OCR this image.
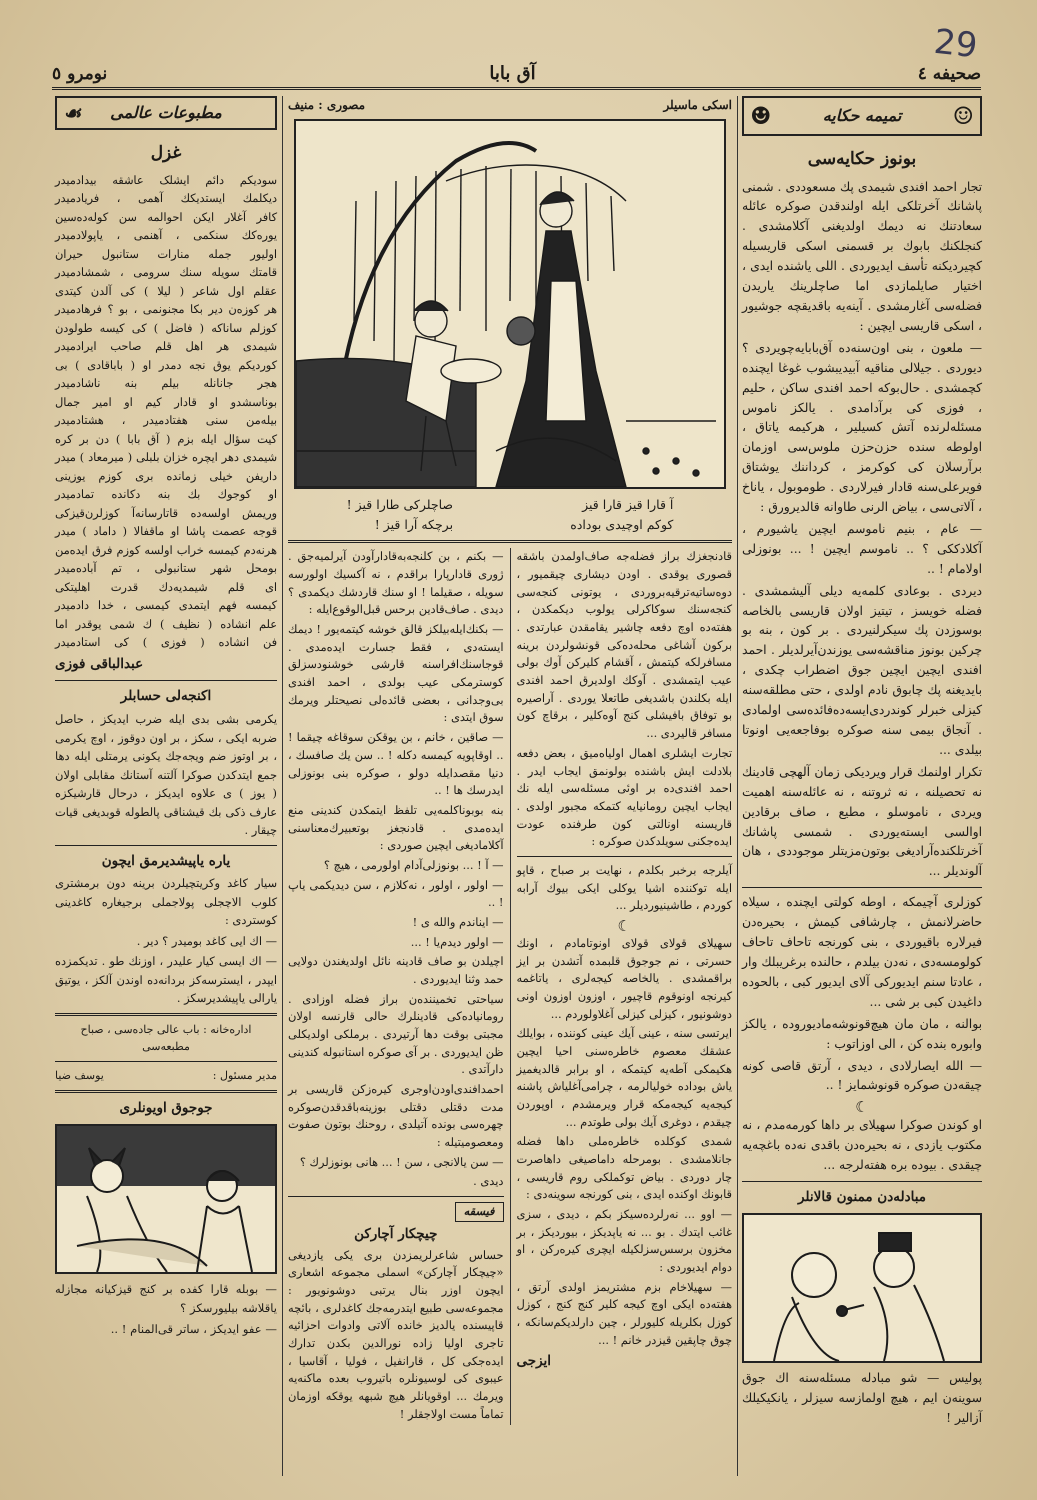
29
صحیفه ٤
آق بابا
نومرو ٥
☺
تمیمه حکایه
☻
بونوز حکایه‌سی

تجار احمد افندی شیمدی پك مسعوددی . شمنی پاشانك آخرتلکی ایله اولندقدن صوکره عائله سعادتنك نه دیمك اولدیغنی آکلامشدی . کنجلکنك بابوك بر قسمنی اسکی قاریسیله کچیردیکنه تأسف ایدیوردی . اللی یاشنده ایدی ، اختیار صایلمازدی اما صاچلرینك یاریدن فضله‌سی آغارمشدی . آینه‌یه باقدیقچه جوشیور ، اسکی قاریسی ایچین :

— ملعون ، بنی اون‌سنه‌ده آق‌بابایه‌چویردی ؟ دیوردی . جیلالی مناقیه آبیدیبشوب غوغا ایچنده کچمشدی . حال‌بوکه احمد افندی ساکن ، حلیم ، فوزی کی برآدامدی . یالکز ناموس مسئله‌لرنده آتش کسیلیر ، هرکیمه یاتاق ، اولوطه سنده حزن‌حزن ملوس‌سی اوزمان برآرسلان کی کوکرمز ، کرداننك یوشتاق فویرعلی‌سنه قادار فیرلاردی . طوموبول ، یاناخ ، آلاتی‌سی ، بیاض الرنی طاوانه قالدیرورق :

— عام ، بنیم ناموسم ایچین یاشیورم ، آکلادککی ؟ .. ناموسم ایچین ! ... بونوزلی اولامام ! ..

دیردی . بوعادی کلمه‌یه دیلی آلیشمشدی . فضله‌ خویسز ، تیتیز اولان قاریسی بالخاصه بوسوزدن پك سیکرلنیردی . بر کون ، بنه بو چرکین بونوز مناقشه‌سی یوزندن‌آیرلدیلر . احمد افندی ایچین ایچین جوق اضطراب چکدی ، بایدیغنه پك چابوق نادم اولدی ، حتی مطلقه‌سنه کیزلی خبرلر کوندردی‌ایسه‌ده‌فائده‌سی اولمادی . آنجاق بیمی سنه صوکره بوفاجعه‌یی اونوتا بیلدی ...

تکرار اولنمك قرار ویردیکی زمان آلهچی قادینك نه تحصیلنه ، نه ثروتنه ، نه عائله‌سنه اهمیت ویردی ، ناموسلو ، مطیع ، صاف برقادین اوالسی ایسته‌یوردی . شمسی پاشانك آخرتلکنده‌آرادیغی بوتون‌مزیتلر موجوددی ، هان آلوندیلر ...

کوزلری آچیمکه ، اوطه کولتی ایچنده ، سیلاه حاضرلانمش ، چارشافی کیمش ، بحیره‌دن فیرلاره باقیوردی ، بنی کورنجه تاحاف تاحاف کولومسه‌دی ، نه‌دن بیلدم ، حالنده برغریبلك وار ، عادتا سنم ایدیورکی آلای ایدیور کبی ، بالحوده داغیدن کبی بر شی ...

بوالنه ، مان مان هیچ‌قونوشه‌مادیوروده ، یالکز وابوره بنده کن ، الی اوزاتوب :

— الله ایصارلادی ، دیدی ، آرتق قاصی کونه چیقه‌دن صوکره قونوشمایز ! ..

☾

او کوندن صوکرا سهیلای بر داها کورمه‌مدم ، نه مکتوب یازدی ، نه بحیره‌دن باقدی‌ نه‌ده باغچه‌یه چیقدی . بیوده بره هفته‌لرجه ...

مبادله‌دن ممنون قالانلر

پولیس — شو مبادله مسئله‌سنه اك جوق سوینه‌ن ایم ، هیچ اولمازسه سیزلر ، یانکیکیلك آزالیر !

اسکی ماسیلر
مصوری : منیف
آ قارا قیز قارا قیز
کوکم اوچیدی بوداده
صاچلرکی طارا قیز !
برچکه آرا قیز !

قادنجغزك براز فضله‌جه صاف‌اولمدن باشقه قصوری یوقدی . اودن دیشاری چیقمیور ، دوه‌ساتیه‌ترقیه‌بروردی ، یوتونی کنجه‌سی کنجه‌سنك سوکاکرلی یولوب دیکمکدن ، هفته‌ده اوچ دفعه چاشیر یقامقدن عبارتدی . برکون آشاغی محله‌ده‌کی قونشولردن برینه مسافرلکه کیتمش ، آقشام کلیرکن آوك بولی عیب ایتمشدی . آوکك اولدیرق احمد افندی ایله بکلندن باشدیغی طاتعلا یوردی . آراصیره بو توفاق بافیشلی کنج آوه‌کلیر ، برقاچ کون مسافر قالیردی ...

تجارت ایشلری اهمال اولیاه‌میق ، بعض دفعه بلادلت ایش باشنده بولونمق ایجاب ایدر . احمد افندی‌ده بر اوئی مسئله‌سی ایله نك ایجاب ایچین رومانیایه کتمکه مجبور اولدی . قاریسنه اونالتی کون طرفنده عودت ایده‌جکنی سویلدکدن صوکره :

آیلرجه برخبر بکلدم ، نهایت بر صباح ، قاپو ایله توکننده اشیا یوکلی ایکی بیوك آرابه کوردم ، طاشینیوردیلر ...

☾

سهیلای قولای قولای اونوتامادم ، اونك حسرتی ، نم جوجوق قلبمده آتشدن بر ایز براقمشدی . یالخاصه کیجه‌لری ، یاتاغمه کیرنجه اونوقوم قاچیور ، اوزون اوزون اونی دوشونیور ، کیزلی کیزلی آغلاولوردم ...

ایرتسی سنه ، عینی آیك عینی کوننده ، بوایلك عشقك معصوم خاطره‌سنی احیا ایچین هکیمکی آطه‌یه کیتمکه ، او برابر قالدیغمیز یاش بوداده خولیالرمه ، چرامی‌آغلیاش پاشنه کیجه‌یه کیجه‌مکه قرار ویرمشدم ، اوپوردن چیقدم ، دوغری آیك بولی طوتدم ...

شمدی کوکلده خاطره‌ملی داها فضله جانلامشدی . بومرحله داماصیغی داهاصرت چار دوردی . بیاض توکملکی روم قاریسی ، قابونك اوکنده ایدی ، بنی کورنجه سوینه‌دی :

— اوو ... نه‌رلرده‌سیکز بکم ، دیدی ، سزی غائب ایتدك . بو ... نه یاپدیکز ، بیوردیکز ، بر مخزون برسس‌سزلکیله ایچری کیره‌رکن ، او دوام ایدیوردی :

— سهیلاخام بزم مشتریمز اولدی آرتق ، هفته‌ده ایکی اوچ کیجه کلیر کنج کنج ، کوزل کوزل بکلریله کلیورلر ، چین دارلدیکم‌سانکه ، چوق چاپقین قیزدر خانم ! ...

ایزجی

— بکنم ، بن کلنجه‌به‌قادارآودن آیرلمیه‌جق . ژوری قادارپارا براقدم ، نه آکسیك اولورسه سویله ، صقیلما ! او سنك قاردشك دیکمدی ؟ دیدی . صاف‌قادین برحس قبل‌الوقوع‌ایله :

— بکنك‌ایله‌بیلکز قالق خوشه‌ کیتمه‌یور ! دیمك ایسته‌دی ، فقط جسارت ایده‌مدی . قوجاسنك‌افراسنه قارشی خوشنودسزلق کوسترمکی عیب بولدی ، احمد افندی بی‌وجدانی ، بعضی قائده‌لی نصیحتلر ویرمك سوق ایتدی :

— صاقین ، خانم ، بن یوقکن سوقاغه چیقما ! .. اوقاپویه کیمسه دکله ! .. سن یك صافسك ، دنیا مقصدایله دولو ، صوکره بنی بونوزلی ایدرسك ها ! ..

بنه بوبونا‌کلمه‌یی تلفظ ایتمکدن کندینی منع ایده‌مدی . قادنجغز بوتعبیرك‌معناسنی آکلامادیغی ایچین صوردی :

— آ ! ... بونوزلی‌آدام اولورمی ، هیچ ؟

— اولور ، اولور ، نه‌کلازم ، سن دیدیکمی یاپ ! ..

— ایناندم والله ی !

— اولور دیدم‌یا ! ...

اچیلدن بو صاف قادینه نائل اولدیغندن دولایی حمد وثنا ایدیوردی .

سیاحتی تخمیننده‌ن براز فضله اوزادی . رومانیاده‌کی قادینلرك حالی قارنسه اولان مجبتی بوقت دها آرتیردی . برملکی اولدیکلی ظن ایدیوردی . بر آی صوکره استانبوله کندینی دارآتدی .

احمدافندی‌اودن‌اوجری کیره‌زکن قاریسی بر مدت دقتلی دقتلی بوزینه‌باقدقدن‌صوکره چهره‌سی بونده آتیلدی ، روحنك بوتون صفوت ومعصومیتیله :

— سن یالانجی ، سن ! ... هانی بونوزلرك ؟

دیدی .

فیسقه
چیچکار آچارکن

حساس شاعرلریمزدن بری یکی یازدیغی «چیچکار آچارکن» اسملی مجموعه اشعاری ایچون اوزر بنال یرتبی دوشونویور : مجموعه‌سی طبیع ایتدرمه‌جك کاغدلری ، بائچه قاپیسنده یالدیز خانده آلاتی وادوات احزائیه تاجری اولیا زاده نورالدین بکدن تدارك ایده‌جکی کل ، قارانفیل ، فولیا ، آقاسیا ، عیبوی کی لوسیونلره باتیروب بعده ماکنه‌یه ویرمك ... اوقویانلر هیچ شبهه یوقکه اوزمان تماماً مست اولاجقلر !

☙ مطبوعات عالمی
غزل

سودیکم دائم ایشلک عاشقه بیدادمیدر

دیکلمك ایستدیکك آهمی ، فریادمیدر

کافر آغلار ایکن احوالمه سن کوله‌ده‌سین

یوره‌کك سنکمی ، آهنمی ، یاپولادمیدر

اولیور جمله منارات ستانبول حیران

قامتك سویله سنك سرومی ، شمشادمیدر

عقلم اول شاعر ( لیلا ) کی آلدن کیتدی

هر کوزه‌ن دیر بکا مجنونمی ، بو ؟ فرهادمیدر

کوزلم ساناکه ( فاضل ) کی کیسه طولودن

شیمدی هر اهل قلم صاحب ایرادمیدر

کوردیکم یوق نجه دمدر او ( باباقادی ) بی

هجر جانانله بیلم بنه ناشادمیدر

بوناسشدو او قادار کیم او امیر جمال

بیله‌من سنی هفتادمیدر ، هشتادمیدر

کیت سؤال ایله بزم ( آق بابا ) دن بر کره

شیمدی دهر ایچره خزان بلبلی ( میرمعاد ) میدر

داریفن خیلی زمانده بری کوزم یوزینی

او کوجوك بك بنه دکانده تمادمیدر

وریمش اولسه‌ده قاتارسانه‌آ کوزلرن‌قیزکی

قوجه عصمت پاشا او ماقفالا ( داماد ) میدر

هرنه‌دم کیمسه خراب اولسه کوزم فرق ایده‌من

بومحل شهر ستانبولی ، تم آباده‌میدر

ای قلم شیمدیه‌دك قدرت اهلیتکی

کیمسه فهم ایتمدی کیمسی ، خدا دادمیدر

علم انشاده ( نظیف ) ك شمی یوقدر اما

فن انشاده ( فوزی ) کی استادمیدر

عبدالباقی فوزی
اکنجه‌لی حسابلر

یکرمی بشی بدی ایله ضرب ایدیکز ، حاصل ضربه ایکی ، سکز ، بر اون دوقوز ، اوچ یکرمی ، بر اوتوز ضم ویجه‌جك یکونی یرمتلی ایله دها جمع ایتدکدن صوکرا آلتنه آستانك مقابلی اولان ( یوز ) ی علاوه ایدیکز ، درحال قارشیکزه عارف ذکی بك قیشناقی پالطوله قوبدیغی قیات چیقار .

یاره یاپیشدیرمق ایچون

سیار کاغد وکریتچیلردن برینه دون برمشتری کلوب الاچجلی پولاجملی برجیغاره کاغدینی کوستردی :

— اك ایی کاغد بومیدر ؟ دیر .

— اك ایسی کیار علیدر ، اوزنك طو . تدیکمزده ایپدر ، ایسترسه‌کز بردانه‌ده اوندن آلکز ، یوتیق یارالی یاپیشدیرسکز .

اداره‌خانه : باب عالی جاده‌سی ، صباح مطبعه‌سی

مدیر مسئول :
یوسف ضیا
جوجوق اویونلری

— بوبله قارا کفده بر کنج قیزکیانه‌ مجازله یاقلاشه بیلیورسکز ؟

— عفو ایدیکز ، ساتر قی‌المنام ! ..
